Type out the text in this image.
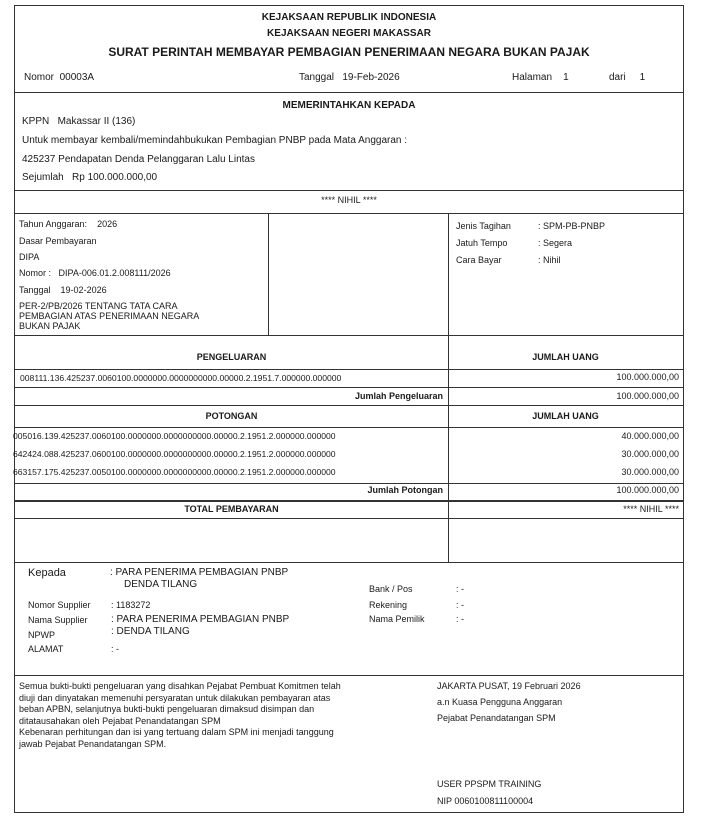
KEJAKSAAN REPUBLIK INDONESIA
KEJAKSAAN NEGERI MAKASSAR
SURAT PERINTAH MEMBAYAR PEMBAGIAN PENERIMAAN NEGARA BUKAN PAJAK
Nomor 00003A	Tanggal 19-Feb-2026	Halaman 1	dari 1
MEMERINTAHKAN KEPADA
KPPN Makassar II (136)
Untuk membayar kembali/memindahbukukan Pembagian PNBP pada Mata Anggaran :
425237 Pendapatan Denda Pelanggaran Lalu Lintas
Sejumlah Rp 100.000.000,00
**** NIHIL ****
Tahun Anggaran: 2026
Dasar Pembayaran
DIPA
Nomor : DIPA-006.01.2.008111/2026
Tanggal 19-02-2026
PER-2/PB/2026 TENTANG TATA CARA
PEMBAGIAN ATAS PENERIMAAN NEGARA
BUKAN PAJAK
Jenis Tagihan	: SPM-PB-PNBP
Jatuh Tempo	: Segera
Cara Bayar	: Nihil
PENGELUARAN	JUMLAH UANG
008111.136.425237.0060100.0000000.0000000000.00000.2.1951.7.000000.000000	100.000.000,00
Jumlah Pengeluaran	100.000.000,00
POTONGAN	JUMLAH UANG
005016.139.425237.0060100.0000000.0000000000.00000.2.1951.2.000000.000000	40.000.000,00
642424.088.425237.0600100.0000000.0000000000.00000.2.1951.2.000000.000000	30.000.000,00
663157.175.425237.0050100.0000000.0000000000.00000.2.1951.2.000000.000000	30.000.000,00
Jumlah Potongan	100.000.000,00
TOTAL PEMBAYARAN	**** NIHIL ****
Kepada	: PARA PENERIMA PEMBAGIAN PNBP
DENDA TILANG
Nomor Supplier : 1183272
Nama Supplier : PARA PENERIMA PEMBAGIAN PNBP
NPWP	: DENDA TILANG
ALAMAT	: -
Bank / Pos	: -
Rekening	: -
Nama Pemilik	: -
Semua bukti-bukti pengeluaran yang disahkan Pejabat Pembuat Komitmen telah
diuji dan dinyatakan memenuhi persyaratan untuk dilakukan pembayaran atas
beban APBN, selanjutnya bukti-bukti pengeluaran dimaksud disimpan dan
ditatausahakan oleh Pejabat Penandatangan SPM
Kebenaran perhitungan dan isi yang tertuang dalam SPM ini menjadi tanggung
jawab Pejabat Penandatangan SPM.
JAKARTA PUSAT, 19 Februari 2026
a.n Kuasa Pengguna Anggaran
Pejabat Penandatangan SPM
USER PPSPM TRAINING
NIP 0060100811100004
